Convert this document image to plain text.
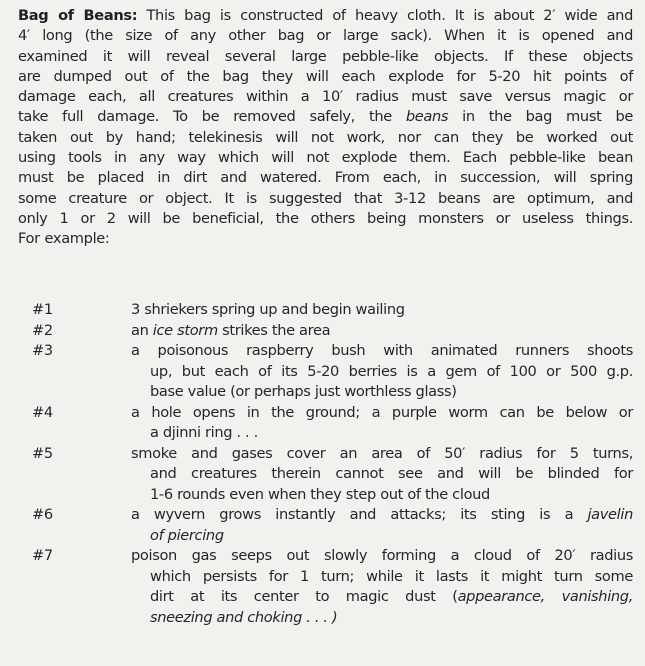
Bag of Beans: This bag is constructed of heavy cloth. It is about 2′ wide and
4′ long (the size of any other bag or large sack). When it is opened and
examined it will reveal several large pebble-like objects. If these objects
are dumped out of the bag they will each explode for 5-20 hit points of
damage each, all creatures within a 10′ radius must save versus magic or
take full damage. To be removed safely, the beans in the bag must be
taken out by hand; telekinesis will not work, nor can they be worked out
using tools in any way which will not explode them. Each pebble-like bean
must be placed in dirt and watered. From each, in succession, will spring
some creature or object. It is suggested that 3-12 beans are optimum, and
only 1 or 2 will be beneficial, the others being monsters or useless things.
For example:

#1	3 shriekers spring up and begin wailing
#2	an ice storm strikes the area
#3	a poisonous raspberry bush with animated runners shoots
up, but each of its 5-20 berries is a gem of 100 or 500 g.p.
base value (or perhaps just worthless glass)
#4	a hole opens in the ground; a purple worm can be below or
a djinni ring . . .
#5	smoke and gases cover an area of 50′ radius for 5 turns,
and creatures therein cannot see and will be blinded for
1-6 rounds even when they step out of the cloud
#6	a wyvern grows instantly and attacks; its sting is a javelin
of piercing
#7	poison gas seeps out slowly forming a cloud of 20′ radius
which persists for 1 turn; while it lasts it might turn some
dirt at its center to magic dust (appearance, vanishing,
sneezing and choking . . . )
